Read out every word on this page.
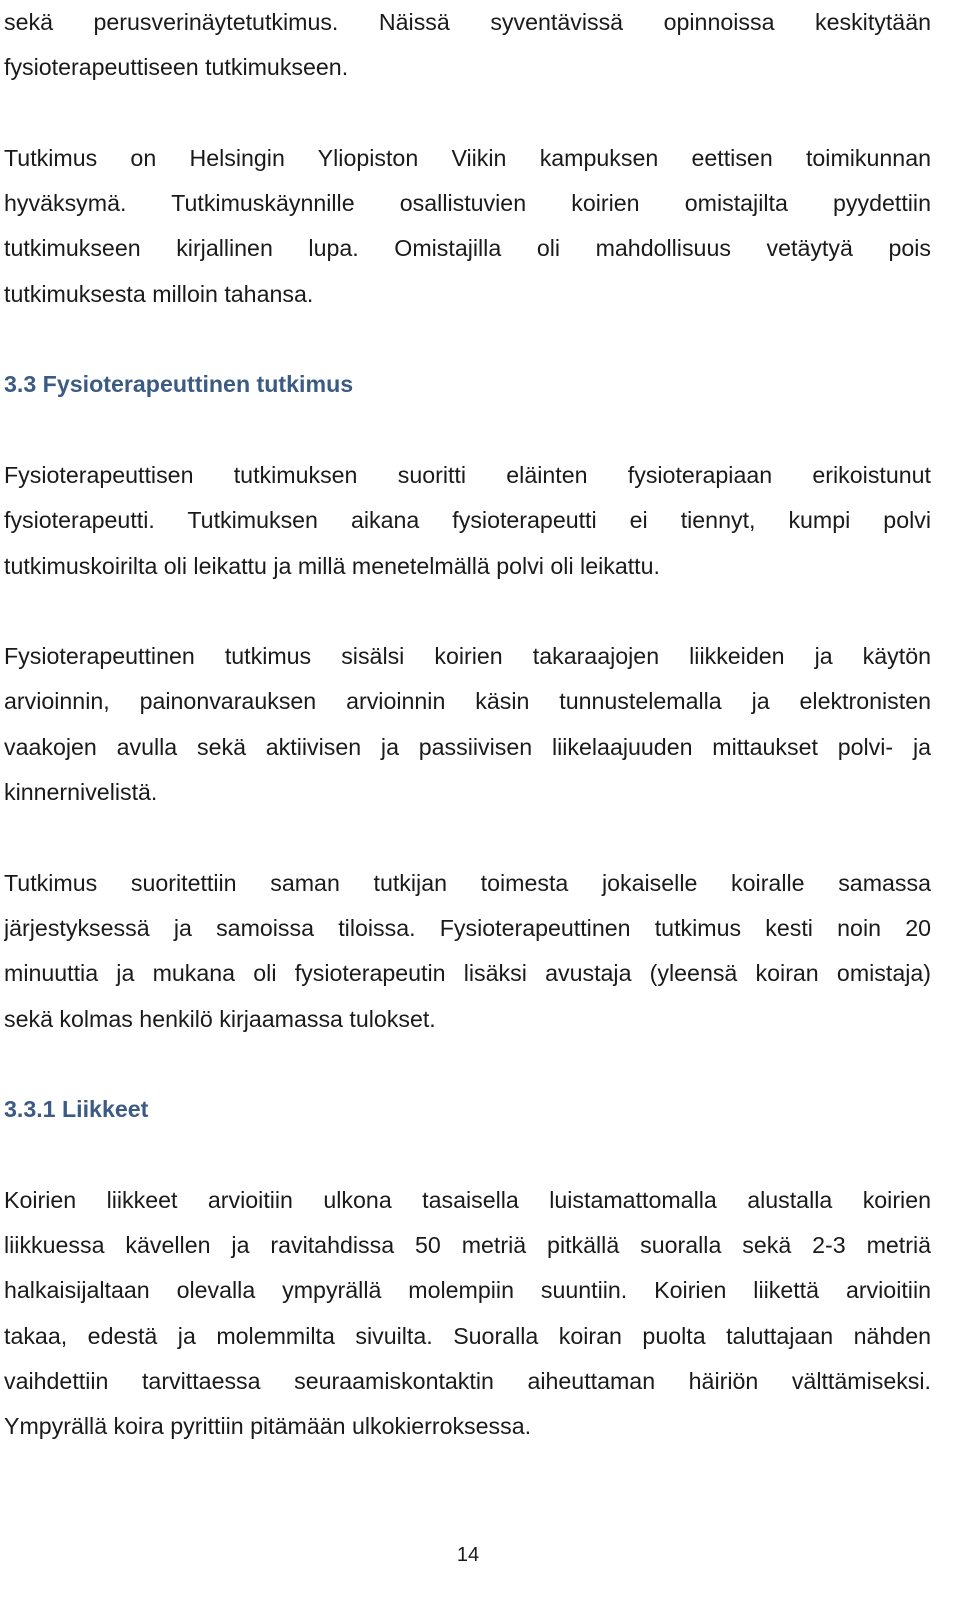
sekä perusverinäytetutkimus. Näissä syventävissä opinnoissa keskitytään
fysioterapeuttiseen tutkimukseen.

Tutkimus on Helsingin Yliopiston Viikin kampuksen eettisen toimikunnan
hyväksymä. Tutkimuskäynnille osallistuvien koirien omistajilta pyydettiin
tutkimukseen kirjallinen lupa. Omistajilla oli mahdollisuus vetäytyä pois
tutkimuksesta milloin tahansa.

3.3 Fysioterapeuttinen tutkimus

Fysioterapeuttisen tutkimuksen suoritti eläinten fysioterapiaan erikoistunut
fysioterapeutti. Tutkimuksen aikana fysioterapeutti ei tiennyt, kumpi polvi
tutkimuskoirilta oli leikattu ja millä menetelmällä polvi oli leikattu.

Fysioterapeuttinen tutkimus sisälsi koirien takaraajojen liikkeiden ja käytön
arvioinnin, painonvarauksen arvioinnin käsin tunnustelemalla ja elektronisten
vaakojen avulla sekä aktiivisen ja passiivisen liikelaajuuden mittaukset polvi- ja
kinnernivelistä.

Tutkimus suoritettiin saman tutkijan toimesta jokaiselle koiralle samassa
järjestyksessä ja samoissa tiloissa. Fysioterapeuttinen tutkimus kesti noin 20
minuuttia ja mukana oli fysioterapeutin lisäksi avustaja (yleensä koiran omistaja)
sekä kolmas henkilö kirjaamassa tulokset.

3.3.1 Liikkeet

Koirien liikkeet arvioitiin ulkona tasaisella luistamattomalla alustalla koirien
liikkuessa kävellen ja ravitahdissa 50 metriä pitkällä suoralla sekä 2-3 metriä
halkaisijaltaan olevalla ympyrällä molempiin suuntiin. Koirien liikettä arvioitiin
takaa, edestä ja molemmilta sivuilta. Suoralla koiran puolta taluttajaan nähden
vaihdettiin tarvittaessa seuraamiskontaktin aiheuttaman häiriön välttämiseksi.
Ympyrällä koira pyrittiin pitämään ulkokierroksessa.

14
